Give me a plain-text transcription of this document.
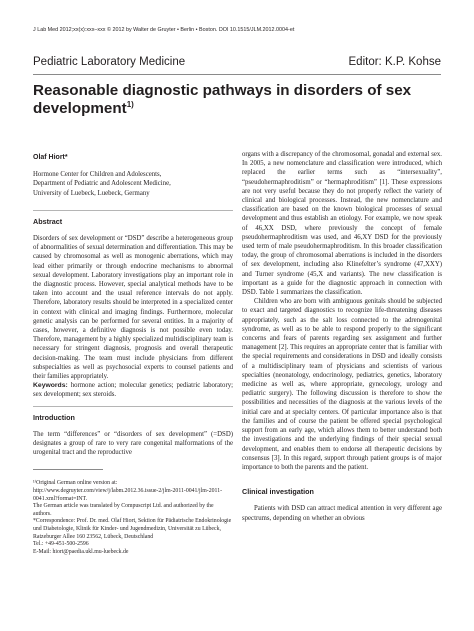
J Lab Med 2012;xx(x):xxx–xxx © 2012 by Walter de Gruyter • Berlin • Boston. DOI 10.1515/JLM.2012.0004-et
Pediatric Laboratory Medicine	Editor: K.P. Kohse
Reasonable diagnostic pathways in disorders of sex development$^{1)}$
Olaf Hiort*
Hormone Center for Children and Adolescents,
Department of Pediatric and Adolescent Medicine,
University of Luebeck, Luebeck, Germany
Abstract

Disorders of sex development or “DSD” describe a heterogeneous group of abnormalities of sexual determination and differentiation. This may be caused by chromosomal as well as monogenic aberrations, which may lead either primarily or through endocrine mechanisms to abnormal sexual development. Laboratory investigations play an important role in the diagnostic process. However, special analytical methods have to be taken into account and the usual reference intervals do not apply. Therefore, laboratory results should be interpreted in a specialized center in context with clinical and imaging findings. Furthermore, molecular genetic analysis can be performed for several entities. In a majority of cases, however, a definitive diagnosis is not possible even today. Therefore, management by a highly specialized multidisciplinary team is necessary for stringent diagnosis, prognosis and overall therapeutic decision-making. The team must include physicians from different subspecialties as well as psychosocial experts to counsel patients and their families appropriately.

Keywords: hormone action; molecular genetics; pediatric laboratory; sex development; sex steroids.

Introduction

The term “differences” or “disorders of sex development” (=DSD) designates a group of rare to very rare congenital malformations of the urogenital tract and the reproductive

¹⁾Original German online version at: http://www.degruyter.com/view/j/labm.2012.36.issue-2/jlm-2011-0041/jlm-2011-0041.xml?format=INT.

The German article was translated by Compuscript Ltd. and authorized by the authors.

*Correspondence: Prof. Dr. med. Olaf Hiort, Sektion für Pädiatrische Endokrinologie und Diabetologie, Klinik für Kinder- und Jugendmedizin, Universität zu Lübeck, Ratzeburger Allee 160 23562, Lübeck, Deutschland

Tel.: +49-451-500-2596

E-Mail: hiort@paedia.ukl.mu-luebeck.de

organs with a discrepancy of the chromosomal, gonadal and external sex. In 2005, a new nomenclature and classification were introduced, which replaced the earlier terms such as “intersexuality”, “pseudohermaphroditism” or “hermaphroditism” [1]. These expressions are not very useful because they do not properly reflect the variety of clinical and biological processes. Instead, the new nomenclature and classification are based on the known biological processes of sexual development and thus establish an etiology. For example, we now speak of 46,XX DSD, where previously the concept of female pseudohermaphroditism was used, and 46,XY DSD for the previously used term of male pseudohermaphroditism. In this broader classification today, the group of chromosomal aberrations is included in the disorders of sex development, including also Klinefelter’s syndrome (47,XXY) and Turner syndrome (45,X and variants). The new classification is important as a guide for the diagnostic approach in connection with DSD. Table 1 summarizes the classification.

Children who are born with ambiguous genitals should be subjected to exact and targeted diagnostics to recognize life-threatening diseases appropriately, such as the salt loss connected to the adrenogenital syndrome, as well as to be able to respond properly to the significant concerns and fears of parents regarding sex assignment and further management [2]. This requires an appropriate center that is familiar with the special requirements and considerations in DSD and ideally consists of a multidisciplinary team of physicians and scientists of various specialties (neonatology, endocrinology, pediatrics, genetics, laboratory medicine as well as, where appropriate, gynecology, urology and pediatric surgery). The following discussion is therefore to show the possibilities and necessities of the diagnosis at the various levels of the initial care and at specialty centers. Of particular importance also is that the families and of course the patient be offered special psychological support from an early age, which allows them to better understand both the investigations and the underlying findings of their special sexual development, and enables them to endorse all therapeutic decisions by consensus [3]. In this regard, support through patient groups is of major importance to both the parents and the patient.

Clinical investigation

Patients with DSD can attract medical attention in very different age spectrums, depending on whether an obvious
